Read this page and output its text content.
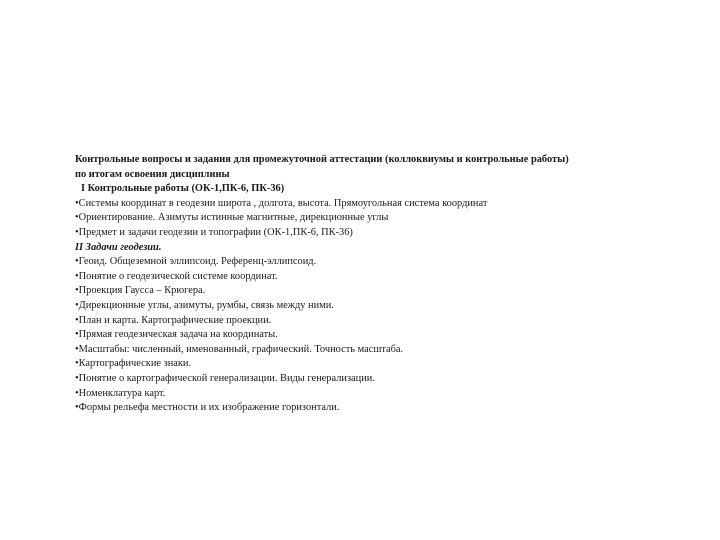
Контрольные вопросы и задания для промежуточной аттестации (коллоквиумы и контрольные работы)
по итогам освоения дисциплины
I Контрольные работы (ОК-1,ПК-6, ПК-36)
•Системы координат в геодезии широта , долгота, высота. Прямоугольная система координат
•Ориентирование. Азимуты истинные магнитные, дирекционные углы
•Предмет и задачи геодезии и топографии (ОК-1,ПК-6, ПК-36)
II Задачи геодезии.
•Геоид. Общеземной эллипсоид. Референц-эллипсоид.
•Понятие о геодезической системе координат.
•Проекция Гаусса – Крюгера.
•Дирекционные углы, азимуты, румбы, связь между ними.
•План и карта. Картографические проекции.
•Прямая геодезическая задача на координаты.
•Масштабы: численный, именованный, графический. Точность масштаба.
•Картографические знаки.
•Понятие о картографической генерализации. Виды генерализации.
•Номенклатура карт.
•Формы рельефа местности и их изображение горизонтали.
